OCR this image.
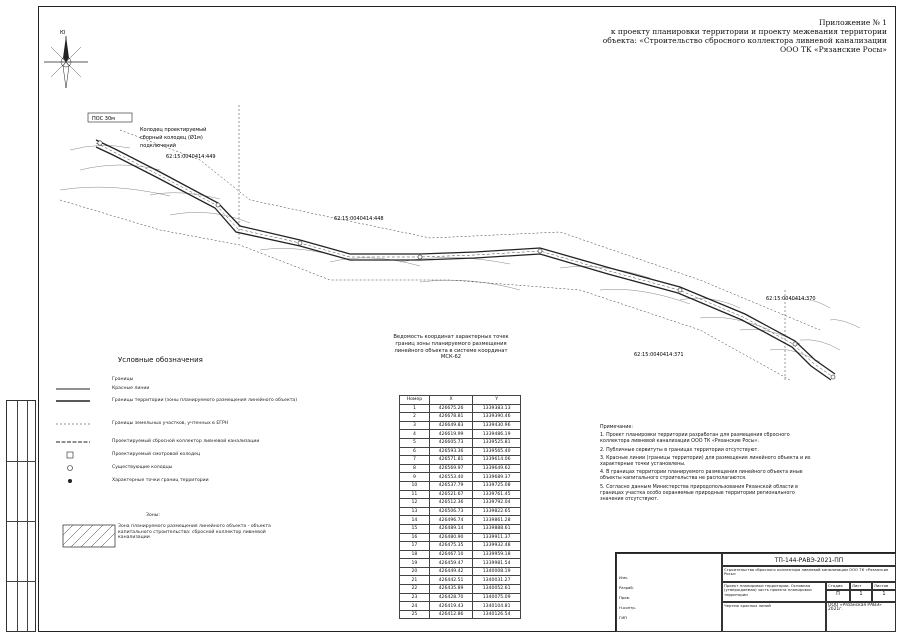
ПОС 30м
Колодец проектируемый
сборный колодец (Ø1м)
подключений
62:15:0040414:449
62:15:0040414:448
62:15:0040414:370
62:15:0040414:371
Ю
Приложение № 1
к проекту планировки территории и проекту межевания территории
объекта: «Строительство сбросного коллектора ливневой канализации
ООО ТК «Рязанские Росы»
Условные обозначения
Границы
Красные линии
Границы территории (зоны планируемого размещения линейного объекта)
Границы земельных участков, учтенных в ЕГРН
Проектируемый сбросной коллектор ливневой канализации
Проектируемый смотровой колодец
Существующие колодцы
Характерные точки границ территории
Зоны:
Зона планируемого размещения линейного объекта - объекта капитального строительства: сбросной коллектор ливневой канализации
Ведомость координат характерных точек границ зоны планируемого размещения линейного объекта в системе координат МСК-62
Номер	X	Y
1	426675.26	1339383.13
2	426678.81	1339390.46
3	426649.83	1339430.96
4	426619.99	1339486.19
5	426605.73	1339525.81
6	426593.36	1339565.40
7	426571.81	1339614.06
8	426569.97	1339649.62
9	426553.40	1339689.37
10	426537.79	1339725.08
11	426521.67	1339761.45
12	426512.36	1339792.04
13	426506.73	1339822.65
14	426496.74	1339861.28
15	426489.14	1339888.61
16	426480.90	1339911.37
17	426475.35	1339932.48
18	426467.10	1339959.18
19	426459.47	1339981.54
20	426449.42	1340008.19
21	426442.51	1340031.27
22	426435.89	1340052.61
23	426428.70	1340075.09
24	426419.43	1340104.81
25	426412.86	1340126.54

Примечание:

1. Проект планировки территории разработан для размещения сбросного коллектора ливневой канализации ООО ТК «Рязанские Росы».

2. Публичные сервитуты в границах территории отсутствуют.

3. Красные линии (границы территории) для размещения линейного объекта и их характерные точки установлены.

4. В границах территории планируемого размещения линейного объекта иные объекты капитального строительства не располагаются.

5. Согласно данным Министерства природопользования Рязанской области в границах участка особо охраняемые природные территории регионального значения отсутствуют.

ТП-144-РАВЭ-2021-ПП
Строительство сбросного коллектора ливневой канализации ООО ТК «Рязанские Росы»
Проект планировки территории. Основная (утверждаемая) часть проекта планировки территории
Стадия	Лист	Листов
П	1	1
Чертеж красных линий	ООО «Рязанская РАВЭ» 2021г.
Изм.
Разраб.
Пров.
Н.контр.
ГИП
